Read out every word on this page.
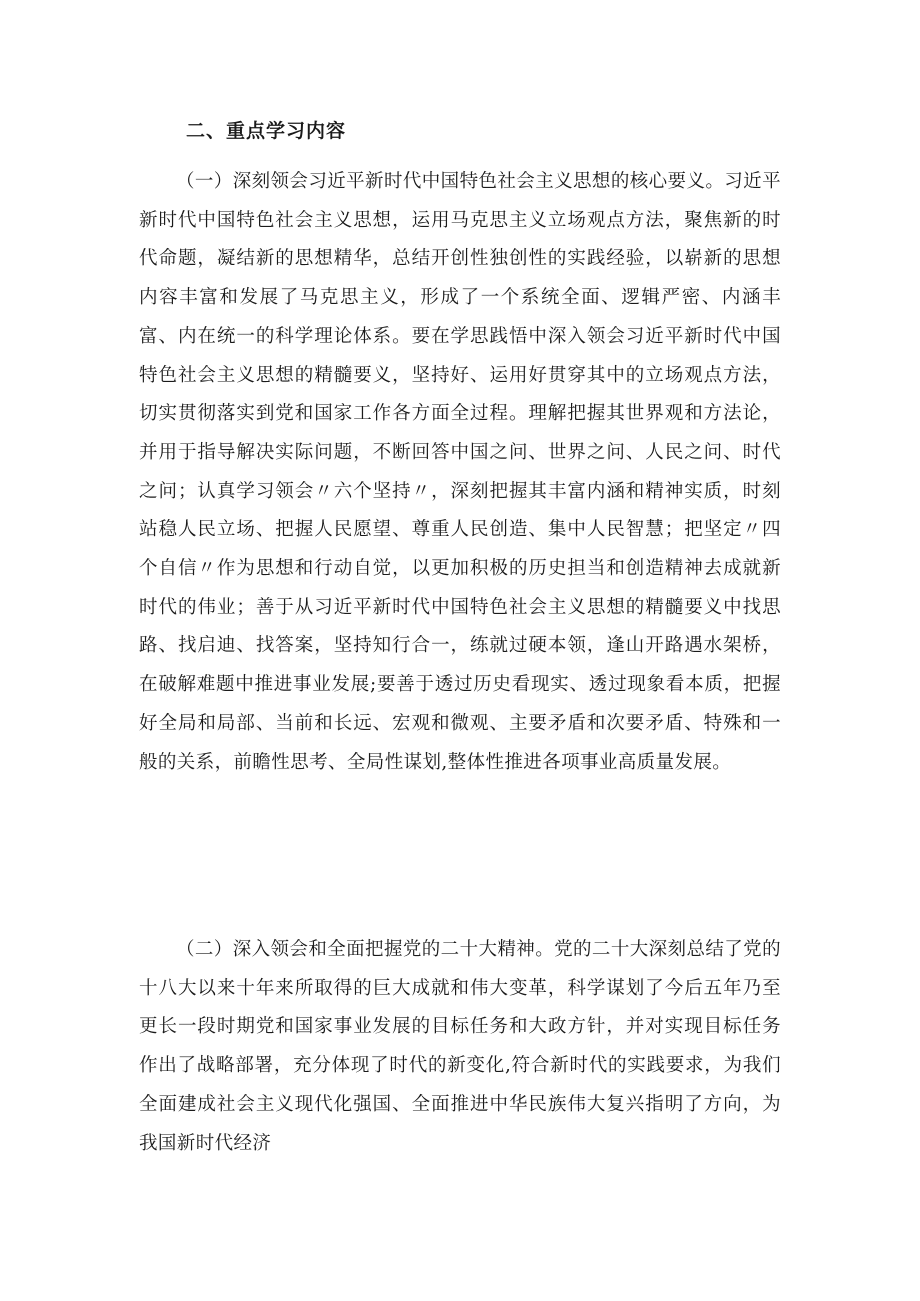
二、重点学习内容

（一）深刻领会习近平新时代中国特色社会主义思想的核心要义。习近平新时代中国特色社会主义思想，运用马克思主义立场观点方法，聚焦新的时代命题，凝结新的思想精华，总结开创性独创性的实践经验，以崭新的思想内容丰富和发展了马克思主义，形成了一个系统全面、逻辑严密、内涵丰富、内在统一的科学理论体系。要在学思践悟中深入领会习近平新时代中国特色社会主义思想的精髓要义，坚持好、运用好贯穿其中的立场观点方法，切实贯彻落实到党和国家工作各方面全过程。理解把握其世界观和方法论，并用于指导解决实际问题，不断回答中国之问、世界之问、人民之问、时代之问；认真学习领会〃六个坚持〃，深刻把握其丰富内涵和精神实质，时刻站稳人民立场、把握人民愿望、尊重人民创造、集中人民智慧；把坚定〃四个自信〃作为思想和行动自觉，以更加积极的历史担当和创造精神去成就新时代的伟业；善于从习近平新时代中国特色社会主义思想的精髓要义中找思路、找启迪、找答案，坚持知行合一，练就过硬本领，逢山开路遇水架桥，在破解难题中推进事业发展;要善于透过历史看现实、透过现象看本质，把握好全局和局部、当前和长远、宏观和微观、主要矛盾和次要矛盾、特殊和一般的关系，前瞻性思考、全局性谋划,整体性推进各项事业高质量发展。

（二）深入领会和全面把握党的二十大精神。党的二十大深刻总结了党的十八大以来十年来所取得的巨大成就和伟大变革，科学谋划了今后五年乃至更长一段时期党和国家事业发展的目标任务和大政方针，并对实现目标任务作出了战略部署，充分体现了时代的新变化,符合新时代的实践要求，为我们全面建成社会主义现代化强国、全面推进中华民族伟大复兴指明了方向，为我国新时代经济
